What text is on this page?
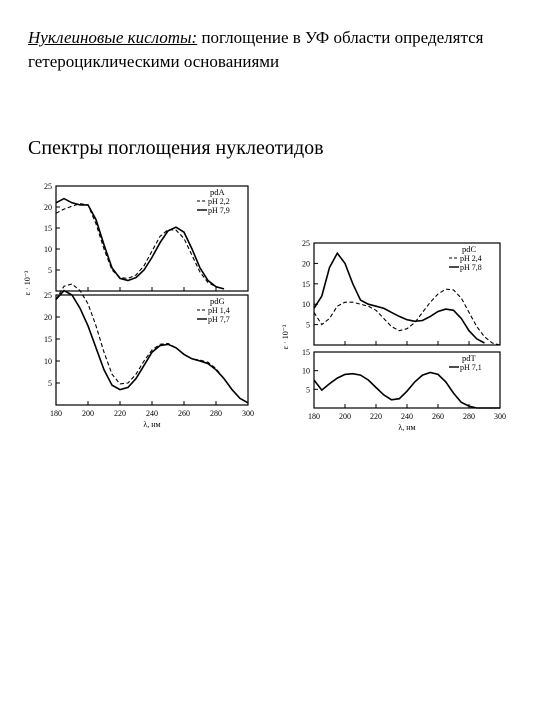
Нуклеиновые кислоты: поглощение в УФ области определятся гетероциклическими основаниями
Спектры поглощения нуклеотидов
5
10
15
20
25
ε · 10⁻³
pdA
pH 2,2
pH 7,9
5
10
15
20
25
180	200	220	240	260	280	300
λ, нм
pdG
pH 1,4
pH 7,7
5
10
15
20
25
ε · 10⁻³
pdC
pH 2,4
pH 7,8
5
10
15
180 200 220 240 260 280 300
λ, нм
pdT
pH 7,1
